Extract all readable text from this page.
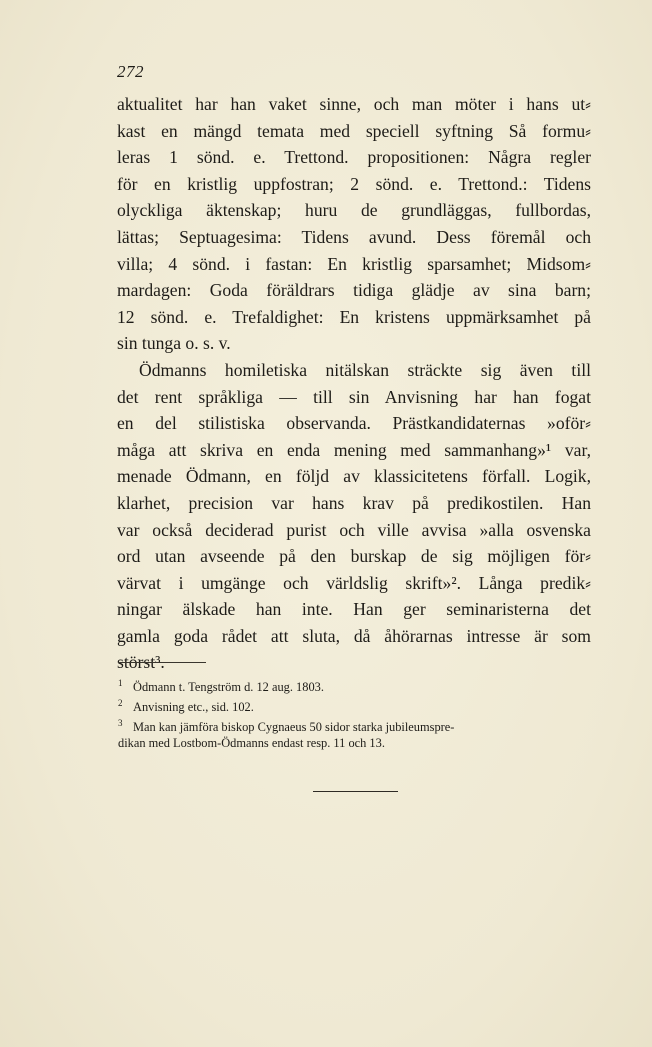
272
aktualitet har han vaket sinne, och man möter i hans ut⸗
kast en mängd temata med speciell syftning Så formu⸗
leras 1 sönd. e. Trettond. propositionen: Några regler
för en kristlig uppfostran; 2 sönd. e. Trettond.: Tidens
olyckliga äktenskap; huru de grundläggas, fullbordas,
lättas; Septuagesima: Tidens avund. Dess föremål och
villa; 4 sönd. i fastan: En kristlig sparsamhet; Midsom⸗
mardagen: Goda föräldrars tidiga glädje av sina barn;
12 sönd. e. Trefaldighet: En kristens uppmärksamhet på
sin tunga o. s. v.
Ödmanns homiletiska nitälskan sträckte sig även till
det rent språkliga — till sin Anvisning har han fogat
en del stilistiska observanda. Prästkandidaternas »oför⸗
måga att skriva en enda mening med sammanhang»¹ var,
menade Ödmann, en följd av klassicitetens förfall. Logik,
klarhet, precision var hans krav på predikostilen. Han
var också deciderad purist och ville avvisa »alla osvenska
ord utan avseende på den burskap de sig möjligen för⸗
värvat i umgänge och världslig skrift»². Långa predik⸗
ningar älskade han inte. Han ger seminaristerna det
gamla goda rådet att sluta, då åhörarnas intresse är som
störst³.
1 Ödmann t. Tengström d. 12 aug. 1803.
2 Anvisning etc., sid. 102.
3 Man kan jämföra biskop Cygnaeus 50 sidor starka jubileumspre-
dikan med Lostbom-Ödmanns endast resp. 11 och 13.
